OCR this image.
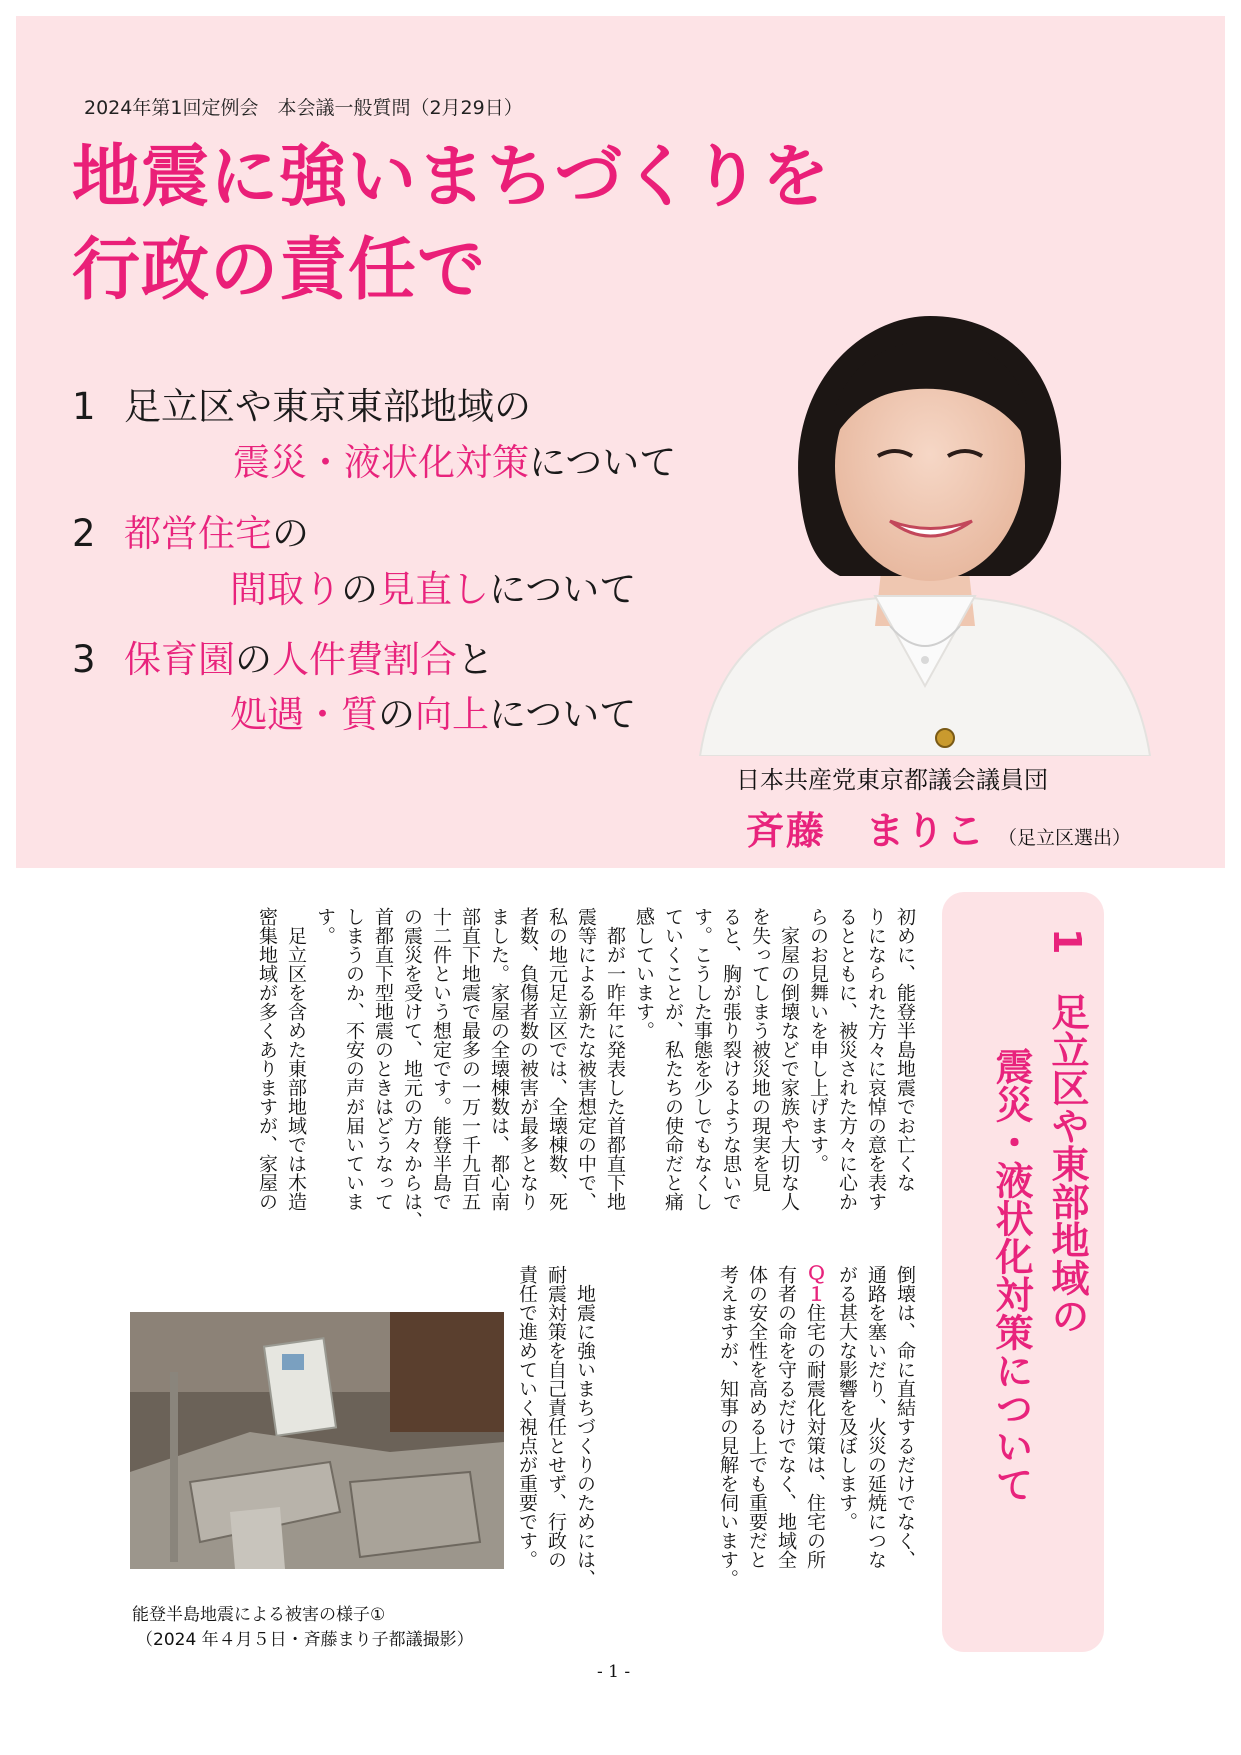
2024年第1回定例会　本会議一般質問（2月29日）
地震に強いまちづくりを
行政の責任で
1 足立区や東京東部地域の
震災・液状化対策について
2 都営住宅の
間取りの見直しについて
3 保育園の人件費割合と
処遇・質の向上について
日本共産党東京都議会議員団
斉藤　まりこ （足立区選出）
1　足立区や東部地域の
震災・液状化対策について
初めに、能登半島地震でお亡くな
りになられた方々に哀悼の意を表す
るとともに、被災された方々に心か
らのお見舞いを申し上げます。
　家屋の倒壊などで家族や大切な人
を失ってしまう被災地の現実を見
ると、胸が張り裂けるような思いで
す。こうした事態を少しでもなくし
ていくことが、私たちの使命だと痛
感しています。
　都が一昨年に発表した首都直下地
震等による新たな被害想定の中で、
私の地元足立区では、全壊棟数、死
者数、負傷者数の被害が最多となり
ました。家屋の全壊棟数は、都心南
部直下地震で最多の一万一千九百五
十二件という想定です。能登半島で
の震災を受けて、地元の方々からは、
首都直下型地震のときはどうなって
しまうのか、不安の声が届いていま
す。
　足立区を含めた東部地域では木造
密集地域が多くありますが、家屋の
倒壊は、命に直結するだけでなく、
通路を塞いだり、火災の延焼につな
がる甚大な影響を及ぼします。
Ｑ１住宅の耐震化対策は、住宅の所
有者の命を守るだけでなく、地域全
体の安全性を高める上でも重要だと
考えますが、知事の見解を伺います。
　地震に強いまちづくりのためには、
耐震対策を自己責任とせず、行政の
責任で進めていく視点が重要です。
能登半島地震による被害の様子①
（2024 年４月５日・斉藤まり子都議撮影）
- 1 -
